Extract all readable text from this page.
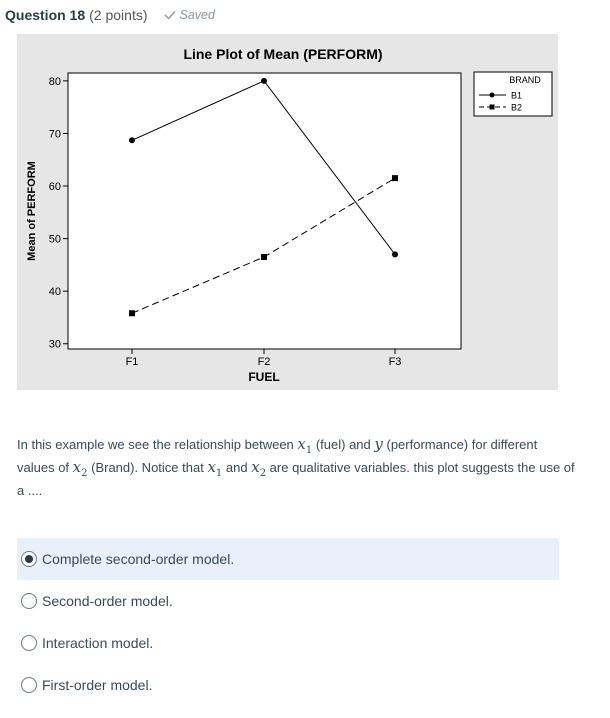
Question 18 (2 points)	Saved
Line Plot of Mean (PERFORM)
30
40
50
60
70
80
F1	F2	F3
FUEL
Mean of PERFORM
BRAND
B1
B2
In this example we see the relationship between $x_1$ (fuel) and y (performance) for different values of $x_2$ (Brand). Notice that $x_1$ and $x_2$ are qualitative variables. this plot suggests the use of a ....
Complete second-order model.
Second-order model.
Interaction model.
First-order model.
